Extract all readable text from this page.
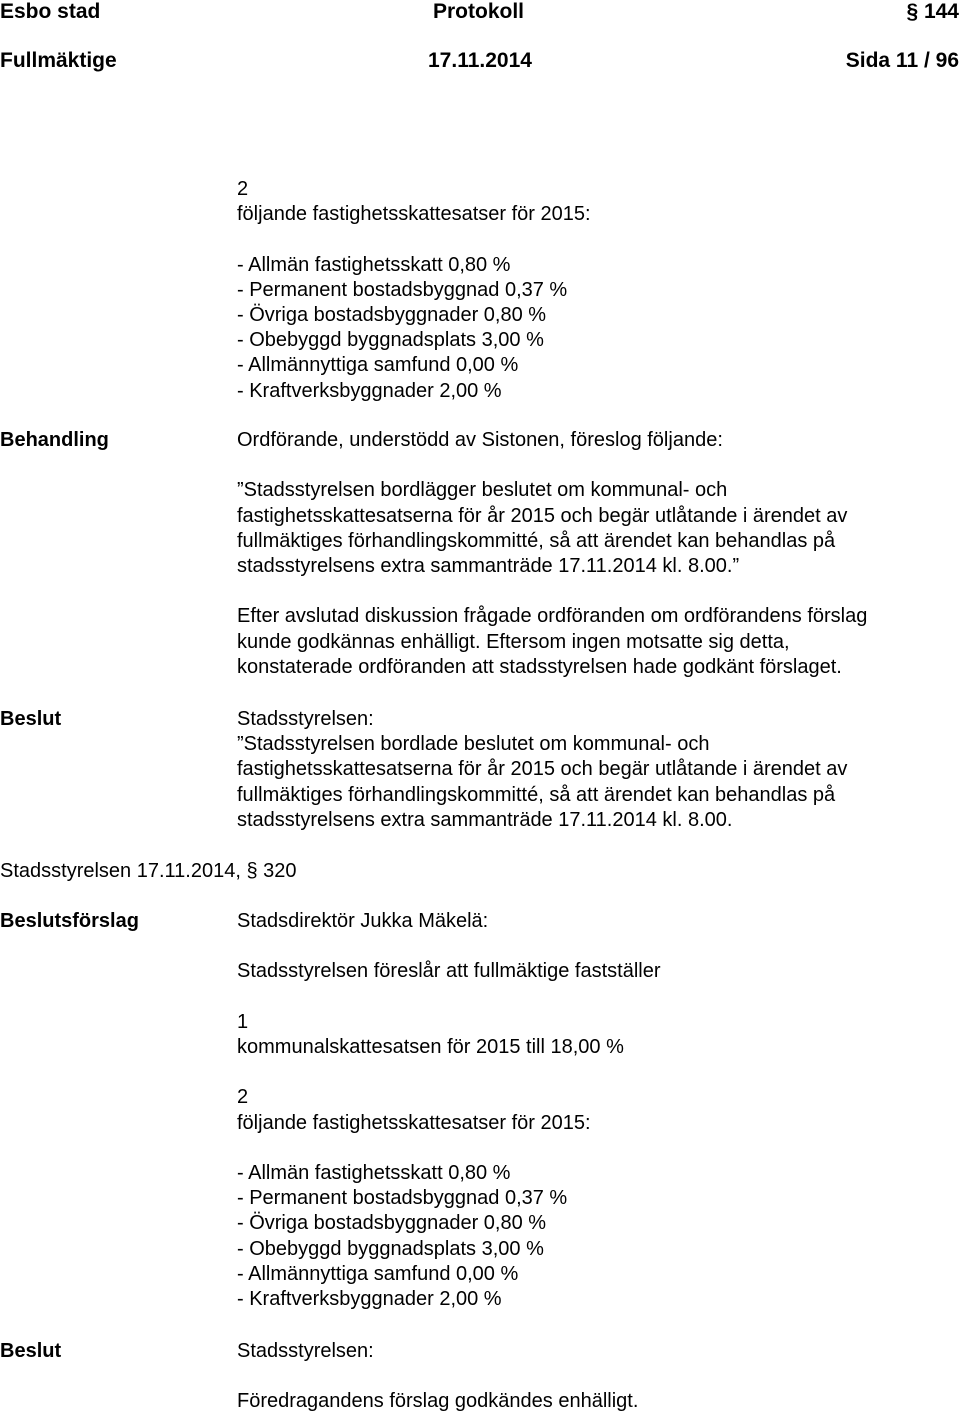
Esbo stad	Protokoll	§ 144
Fullmäktige	17.11.2014	Sida 11 / 96

2

följande fastighetsskattesatser för 2015:

- Allmän fastighetsskatt 0,80 %

- Permanent bostadsbyggnad 0,37 %

- Övriga bostadsbyggnader 0,80 %

- Obebyggd byggnadsplats 3,00 %

- Allmännyttiga samfund 0,00 %

- Kraftverksbyggnader 2,00 %

Behandling	Ordförande, understödd av Sistonen, föreslog följande:

”Stadsstyrelsen bordlägger beslutet om kommunal- och

fastighetsskattesatserna för år 2015 och begär utlåtande i ärendet av

fullmäktiges förhandlingskommitté, så att ärendet kan behandlas på

stadsstyrelsens extra sammanträde 17.11.2014 kl. 8.00.”

Efter avslutad diskussion frågade ordföranden om ordförandens förslag

kunde godkännas enhälligt. Eftersom ingen motsatte sig detta,

konstaterade ordföranden att stadsstyrelsen hade godkänt förslaget.

Beslut	Stadsstyrelsen:

”Stadsstyrelsen bordlade beslutet om kommunal- och

fastighetsskattesatserna för år 2015 och begär utlåtande i ärendet av

fullmäktiges förhandlingskommitté, så att ärendet kan behandlas på

stadsstyrelsens extra sammanträde 17.11.2014 kl. 8.00.

Stadsstyrelsen 17.11.2014, § 320
Beslutsförslag	Stadsdirektör Jukka Mäkelä:

Stadsstyrelsen föreslår att fullmäktige fastställer

1

kommunalskattesatsen för 2015 till 18,00 %

2

följande fastighetsskattesatser för 2015:

- Allmän fastighetsskatt 0,80 %

- Permanent bostadsbyggnad 0,37 %

- Övriga bostadsbyggnader 0,80 %

- Obebyggd byggnadsplats 3,00 %

- Allmännyttiga samfund 0,00 %

- Kraftverksbyggnader 2,00 %

Beslut	Stadsstyrelsen:

Föredragandens förslag godkändes enhälligt.
